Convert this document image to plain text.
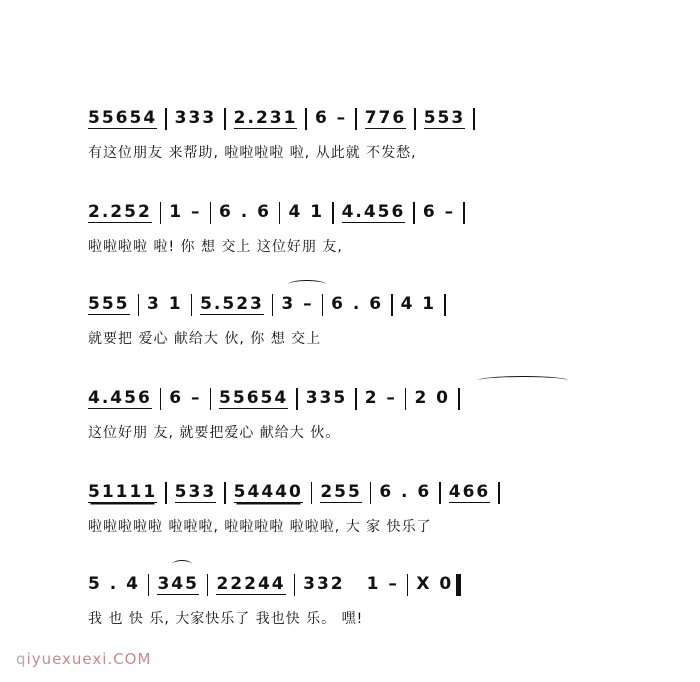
55654 333 2.231 6 – 776 553
有这位朋友 来帮助, 啦啦啦啦 啦, 从此就 不发愁,
2.252 1 – 6 . 6 4 1 4.456 6 –
啦啦啦啦 啦! 你 想 交上 这位好朋 友,
555 3 1 5.523 3 – 6 . 6 4 1
就要把 爱心 献给大 伙, 你 想 交上
4.456 6 – 55654 335 2 – 2 0
这位好朋 友, 就要把爱心 献给大 伙。
51111 533 54440 255 6 . 6 466
啦啦啦啦啦 啦啦啦, 啦啦啦啦 啦啦啦, 大 家 快乐了
5 . 4 345 22244 332 1 – X 0
我 也 快 乐, 大家快乐了 我也快 乐。 嘿!
qiyuexuexi.COM
